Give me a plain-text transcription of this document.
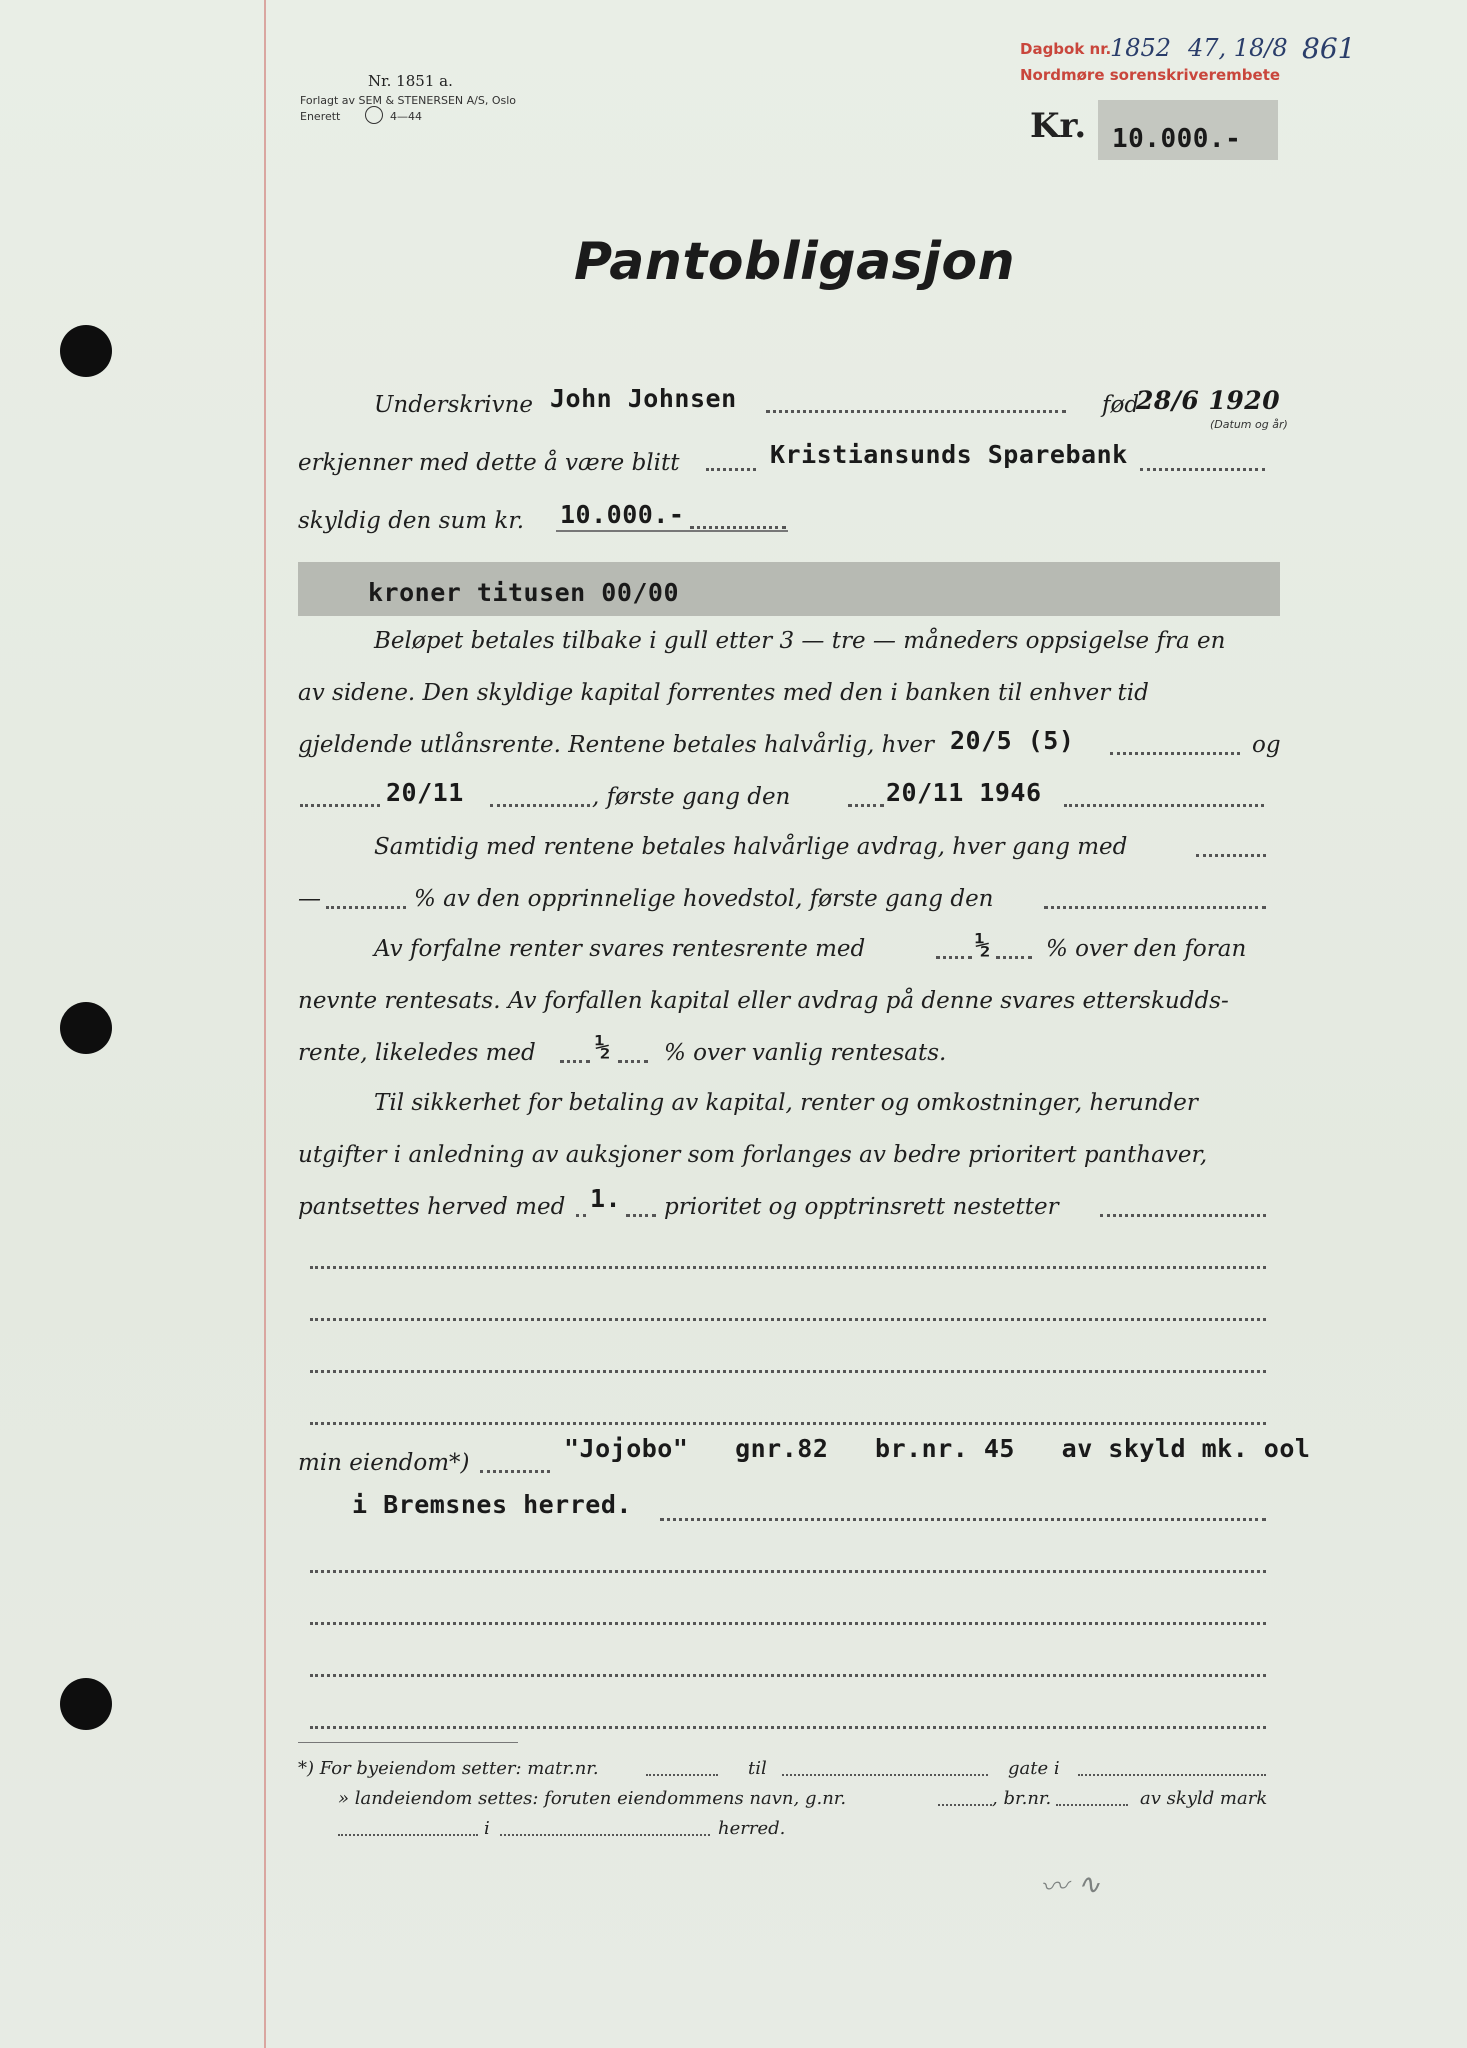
Nr. 1851 a.
Forlagt av SEM & STENERSEN A/S, Oslo
Enerett	4—44
Dagbok nr.
1852 47, 18/8 861
Nordmøre sorenskriverembete
Kr. 10.000.-
Pantobligasjon
Underskrivne John Johnsen	fød
28/6 1920
(Datum og år)
erkjenner med dette å være blitt	Kristiansunds Sparebank
skyldig den sum kr. 10.000.-
kroner titusen 00/00
Beløpet betales tilbake i gull etter 3 — tre — måneders oppsigelse fra en
av sidene. Den skyldige kapital forrentes med den i banken til enhver tid
gjeldende utlånsrente. Rentene betales halvårlig, hver 20/5 (5)	og
20/11	, første gang den	20/11 1946
Samtidig med rentene betales halvårlige avdrag, hver gang med
—	% av den opprinnelige hovedstol, første gang den
Av forfalne renter svares rentesrente med	½ % over den foran
nevnte rentesats. Av forfallen kapital eller avdrag på denne svares etterskudds-
rente, likeledes med ½ % over vanlig rentesats.
Til sikkerhet for betaling av kapital, renter og omkostninger, herunder
utgifter i anledning av auksjoner som forlanges av bedre prioritert panthaver,
pantsettes herved med 1. prioritet og opptrinsrett nestetter
min eiendom*)	"Jojobo"   gnr.82   br.nr. 45   av skyld mk. ool
i Bremsnes herred.
*) For byeiendom setter: matr.nr.	til	gate i
» landeiendom settes: foruten eiendommens navn, g.nr.	, br.nr.	av skyld mark
i	herred.
〰 ∿
